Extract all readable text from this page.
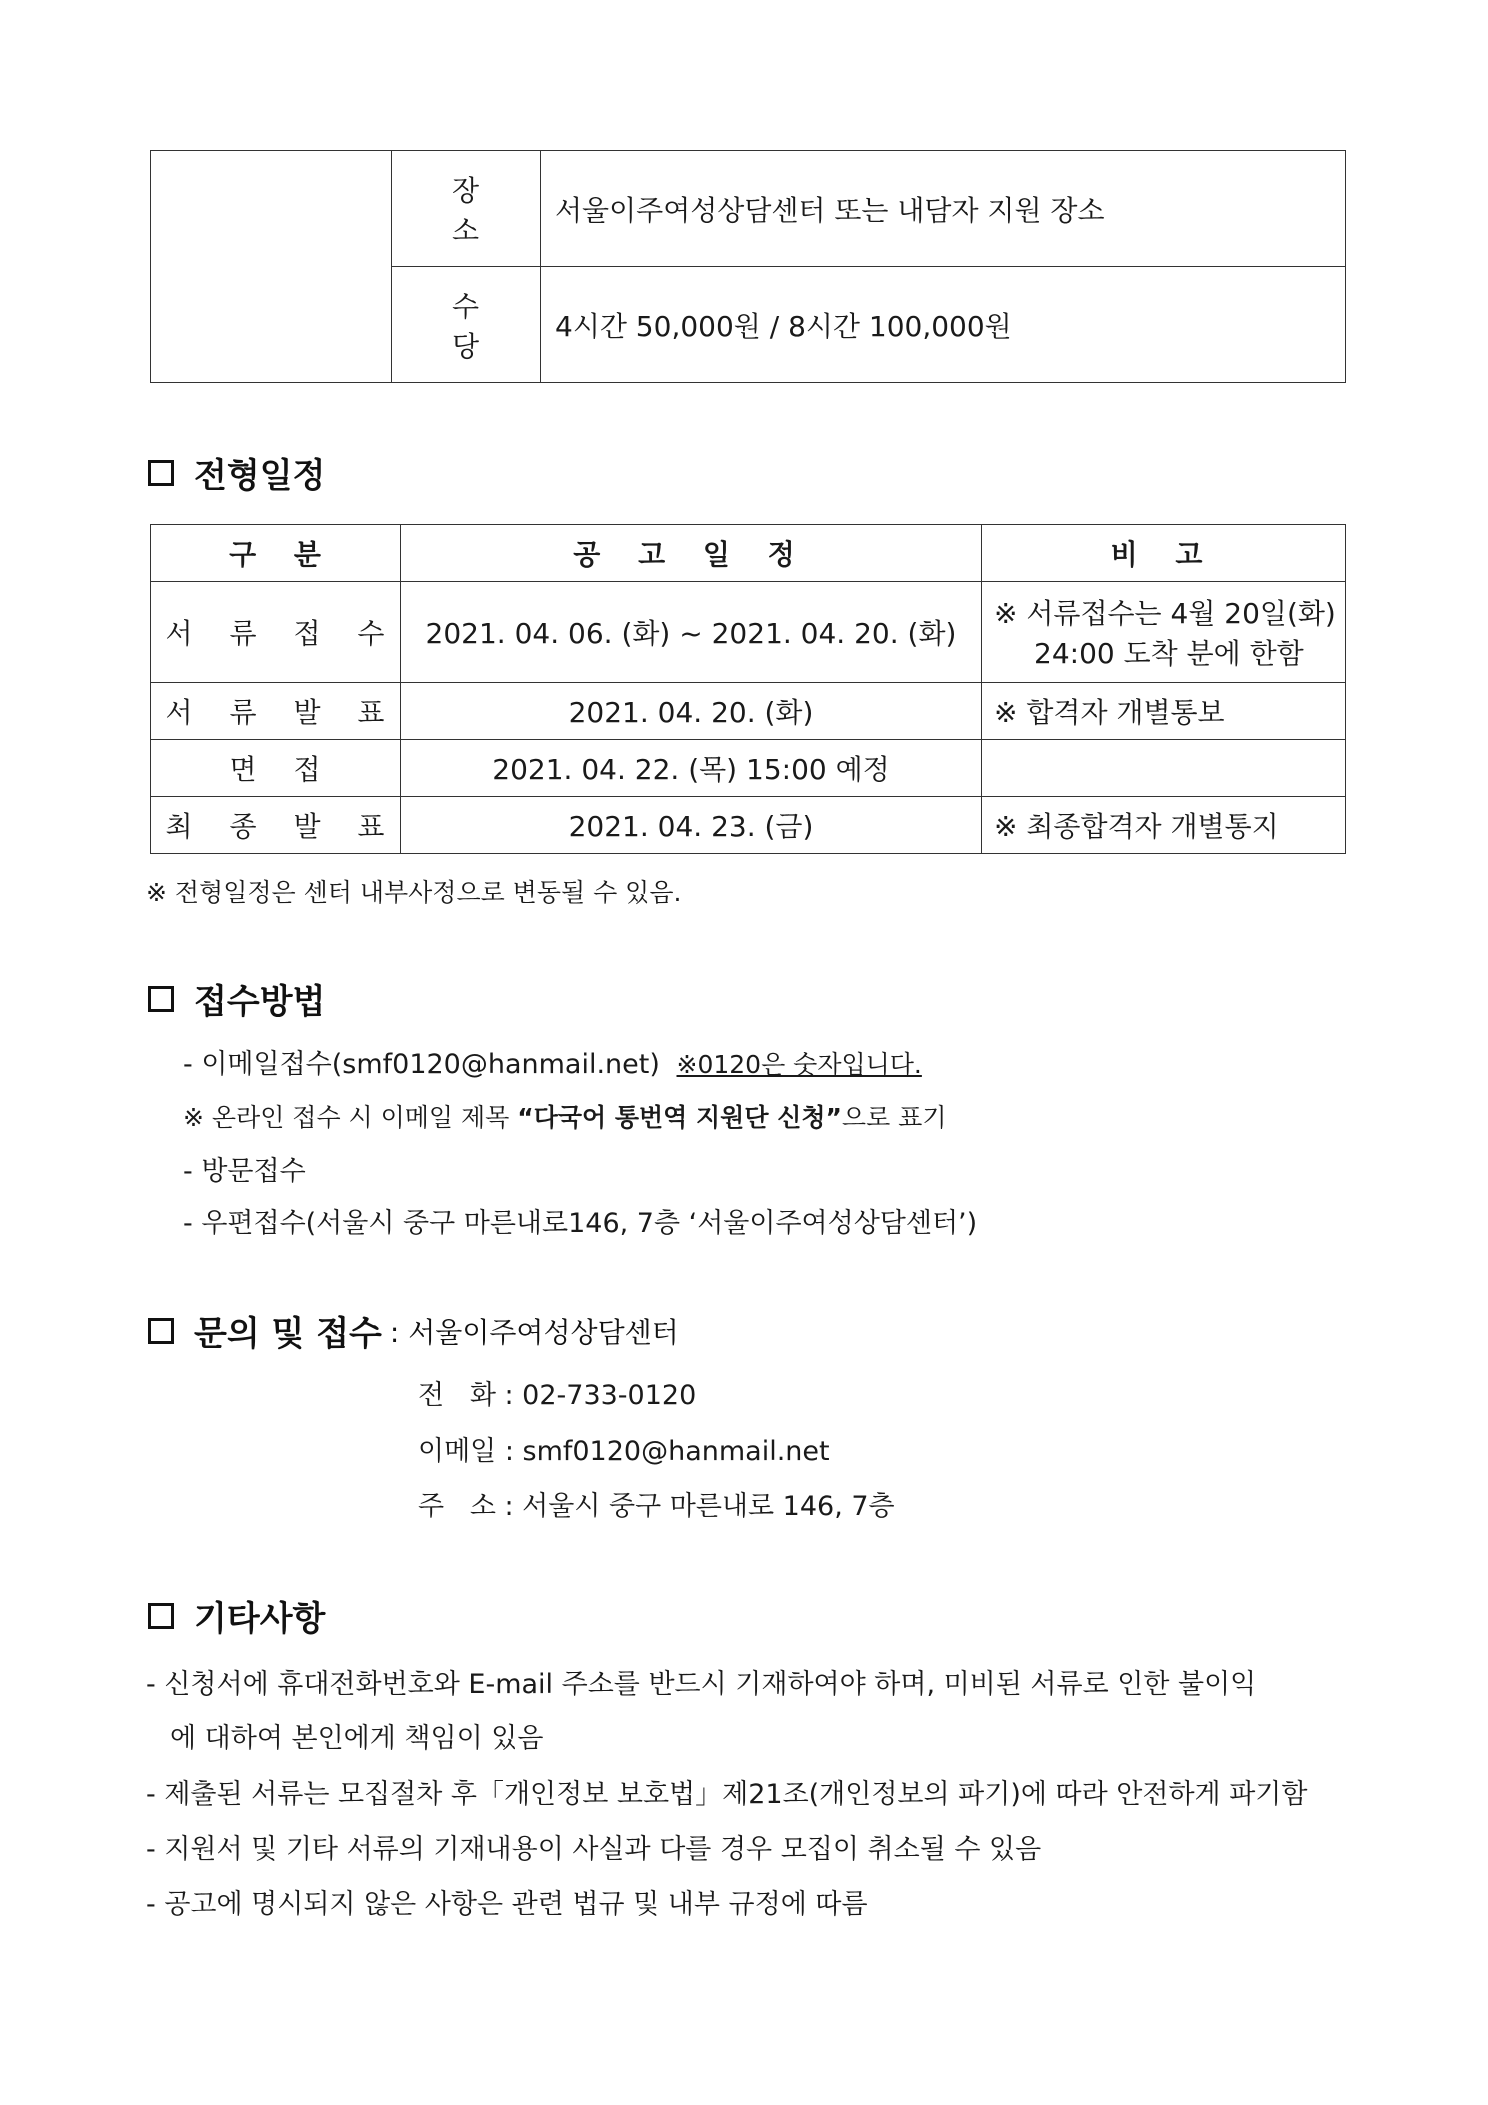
	장 소	서울이주여성상담센터 또는 내담자 지원 장소
	수 당	4시간 50,000원 / 8시간 100,000원
전형일정
구 분	공 고 일 정	비 고
서 류 접 수	2021. 04. 06. (화) ~ 2021. 04. 20. (화)	※ 서류접수는 4월 20일(화)
24:00 도착 분에 한함

서 류 발 표	2021. 04. 20. (화)	※ 합격자 개별통보
면 접	2021. 04. 22. (목) 15:00 예정	
최 종 발 표	2021. 04. 23. (금)	※ 최종합격자 개별통지
※ 전형일정은 센터 내부사정으로 변동될 수 있음.
접수방법
- 이메일접수(smf0120@hanmail.net) ※0120은 숫자입니다.
※ 온라인 접수 시 이메일 제목 “다국어 통번역 지원단 신청”으로 표기
- 방문접수
- 우편접수(서울시 중구 마른내로146, 7층 ‘서울이주여성상담센터’)
문의 및 접수 : 서울이주여성상담센터
전   화 : 02-733-0120
이메일 : smf0120@hanmail.net
주   소 : 서울시 중구 마른내로 146, 7층
기타사항
- 신청서에 휴대전화번호와 E-mail 주소를 반드시 기재하여야 하며, 미비된 서류로 인한 불이익
에 대하여 본인에게 책임이 있음
- 제출된 서류는 모집절차 후「개인정보 보호법」제21조(개인정보의 파기)에 따라 안전하게 파기함
- 지원서 및 기타 서류의 기재내용이 사실과 다를 경우 모집이 취소될 수 있음
- 공고에 명시되지 않은 사항은 관련 법규 및 내부 규정에 따름
